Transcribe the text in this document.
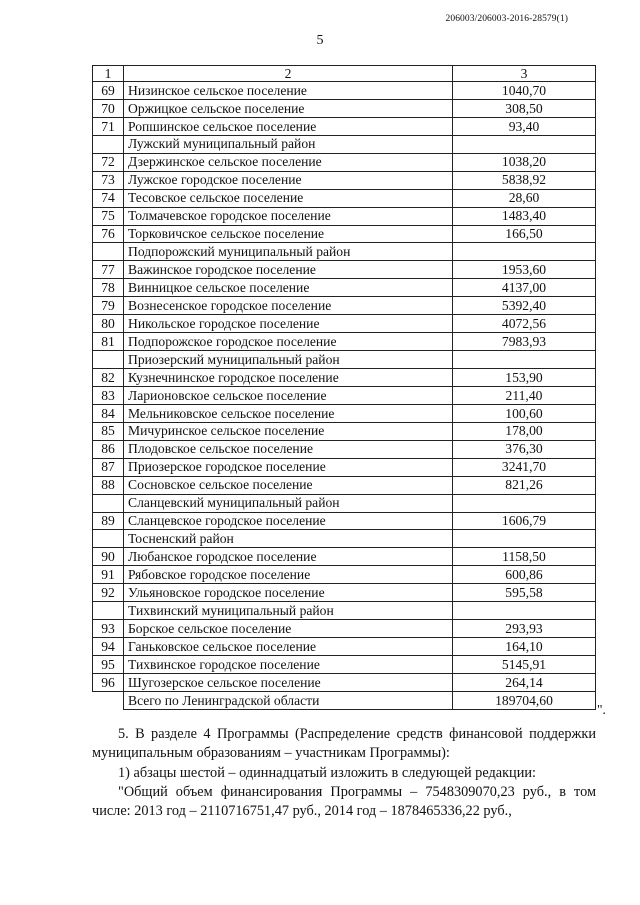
206003/206003-2016-28579(1)
5
1	2	3
69	Низинское сельское поселение	1040,70
70	Оржицкое сельское поселение	308,50
71	Ропшинское сельское поселение	93,40
	Лужский муниципальный район	
72	Дзержинское сельское поселение	1038,20
73	Лужское городское поселение	5838,92
74	Тесовское сельское поселение	28,60
75	Толмачевское городское поселение	1483,40
76	Торковичское сельское поселение	166,50
	Подпорожский муниципальный район	
77	Важинское городское поселение	1953,60
78	Винницкое сельское поселение	4137,00
79	Вознесенское городское поселение	5392,40
80	Никольское городское поселение	4072,56
81	Подпорожское городское поселение	7983,93
	Приозерский муниципальный район	
82	Кузнечнинское городское поселение	153,90
83	Ларионовское сельское поселение	211,40
84	Мельниковское сельское поселение	100,60
85	Мичуринское сельское поселение	178,00
86	Плодовское сельское поселение	376,30
87	Приозерское городское поселение	3241,70
88	Сосновское сельское поселение	821,26
	Сланцевский муниципальный район	
89	Сланцевское городское поселение	1606,79
	Тосненский район	
90	Любанское городское поселение	1158,50
91	Рябовское городское поселение	600,86
92	Ульяновское городское поселение	595,58
	Тихвинский муниципальный район	
93	Борское сельское поселение	293,93
94	Ганьковское сельское поселение	164,10
95	Тихвинское городское поселение	5145,91
96	Шугозерское сельское поселение	264,14
	Всего по Ленинградской области	189704,60
".
5. В разделе 4 Программы (Распределение средств финансовой поддержки муниципальным образованиям – участникам Программы):
1) абзацы шестой – одиннадцатый изложить в следующей редакции:
"Общий объем финансирования Программы – 7548309070,23 руб., в том числе: 2013 год – 2110716751,47 руб., 2014 год – 1878465336,22 руб.,
